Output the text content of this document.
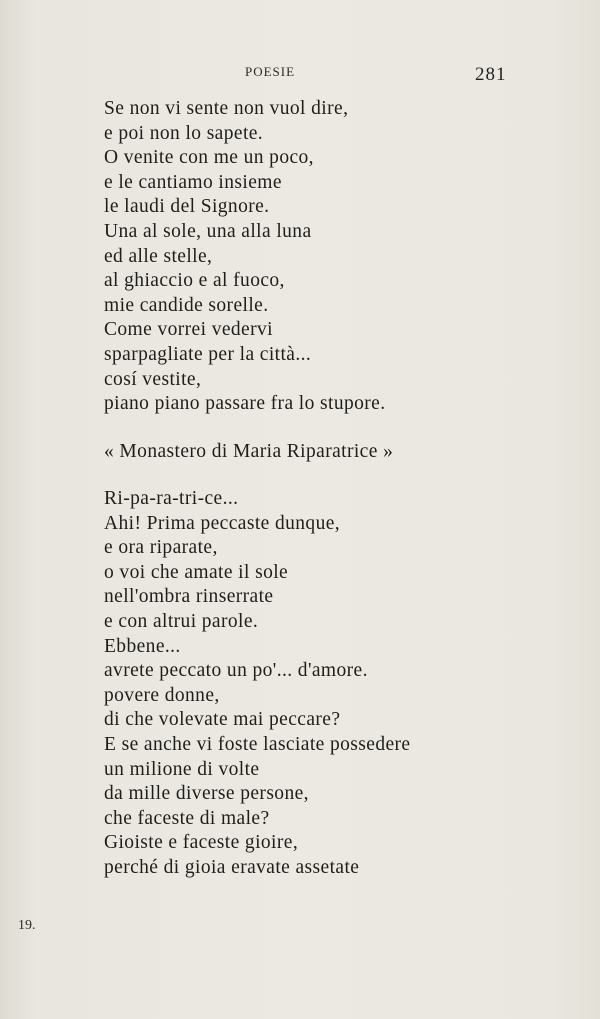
POESIE	281
Se non vi sente non vuol dire,
e poi non lo sapete.
O venite con me un poco,
e le cantiamo insieme
le laudi del Signore.
Una al sole, una alla luna
ed alle stelle,
al ghiaccio e al fuoco,
mie candide sorelle.
Come vorrei vedervi
sparpagliate per la città...
cosí vestite,
piano piano passare fra lo stupore.
« Monastero di Maria Riparatrice »
Ri-pa-ra-tri-ce...
Ahi! Prima peccaste dunque,
e ora riparate,
o voi che amate il sole
nell'ombra rinserrate
e con altrui parole.
Ebbene...
avrete peccato un po'... d'amore.
povere donne,
di che volevate mai peccare?
E se anche vi foste lasciate possedere
un milione di volte
da mille diverse persone,
che faceste di male?
Gioiste e faceste gioire,
perché di gioia eravate assetate
19.
